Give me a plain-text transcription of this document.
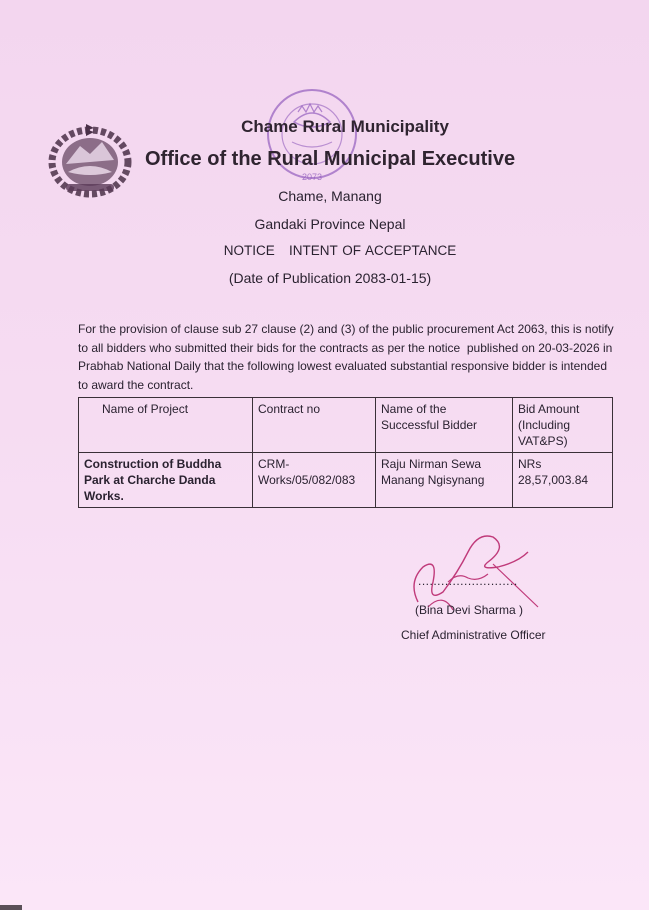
2073
Chame Rural Municipality
Office of the Rural Municipal Executive
Chame, Manang
Gandaki Province Nepal
NOTICE   INTENT OF ACCEPTANCE
(Date of Publication 2083-01-15)
For the provision of clause sub 27 clause (2) and (3) of the public procurement Act 2063, this is notify to all bidders who submitted their bids for the contracts as per the notice  published on 20-03-2026 in Prabhab National Daily that the following lowest evaluated substantial responsive bidder is intended to award the contract.
Name of Project	Contract no	Name of the Successful Bidder	Bid Amount (Including VAT&PS)
Construction of Buddha Park at Charche Danda Works.	CRM-Works/05/082/083	Raju Nirman Sewa Manang Ngisynang	NRs 28,57,003.84
..........................
(Bina Devi Sharma )
Chief Administrative Officer
